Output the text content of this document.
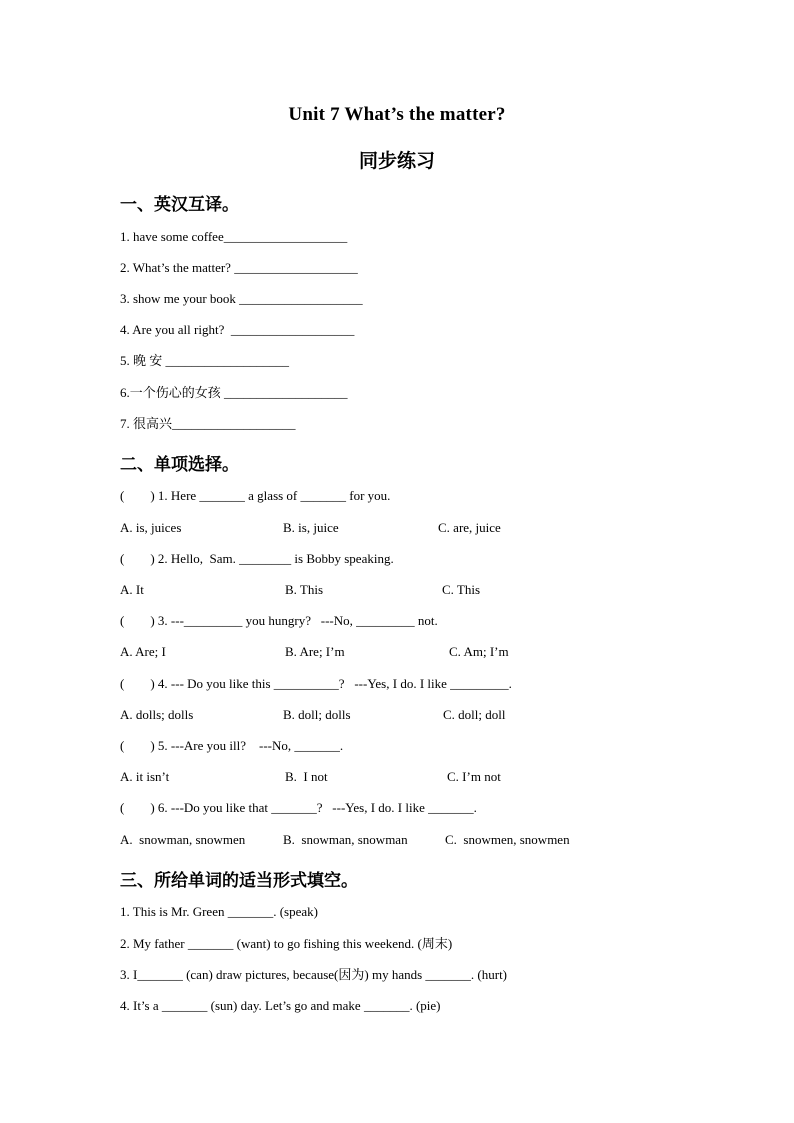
Unit 7 What’s the matter?
同步练习
一、英汉互译。
1. have some coffee___________________
2. What’s the matter? ___________________
3. show me your book ___________________
4. Are you all right?  ___________________
5. 晚 安 ___________________
6.一个伤心的女孩 ___________________
7. 很高兴___________________
二、单项选择。
(        ) 1. Here _______ a glass of _______ for you.
A. is, juices	B. is, juice	C. are, juice
(        ) 2. Hello,  Sam. ________ is Bobby speaking.
A. It	B. This	C. This
(        ) 3. ---_________ you hungry?   ---No, _________ not.
A. Are; I	B. Are; I’m	C. Am; I’m
(        ) 4. --- Do you like this __________?   ---Yes, I do. I like _________.
A. dolls; dolls	B. doll; dolls	C. doll; doll
(        ) 5. ---Are you ill?    ---No, _______.
A. it isn’t	B.  I not	C. I’m not
(        ) 6. ---Do you like that _______?   ---Yes, I do. I like _______.
A.  snowman, snowmen	B.  snowman, snowman	C.  snowmen, snowmen
三、所给单词的适当形式填空。
1. This is Mr. Green _______. (speak)
2. My father _______ (want) to go fishing this weekend. (周末)
3. I_______ (can) draw pictures, because(因为) my hands _______. (hurt)
4. It’s a _______ (sun) day. Let’s go and make _______. (pie)
